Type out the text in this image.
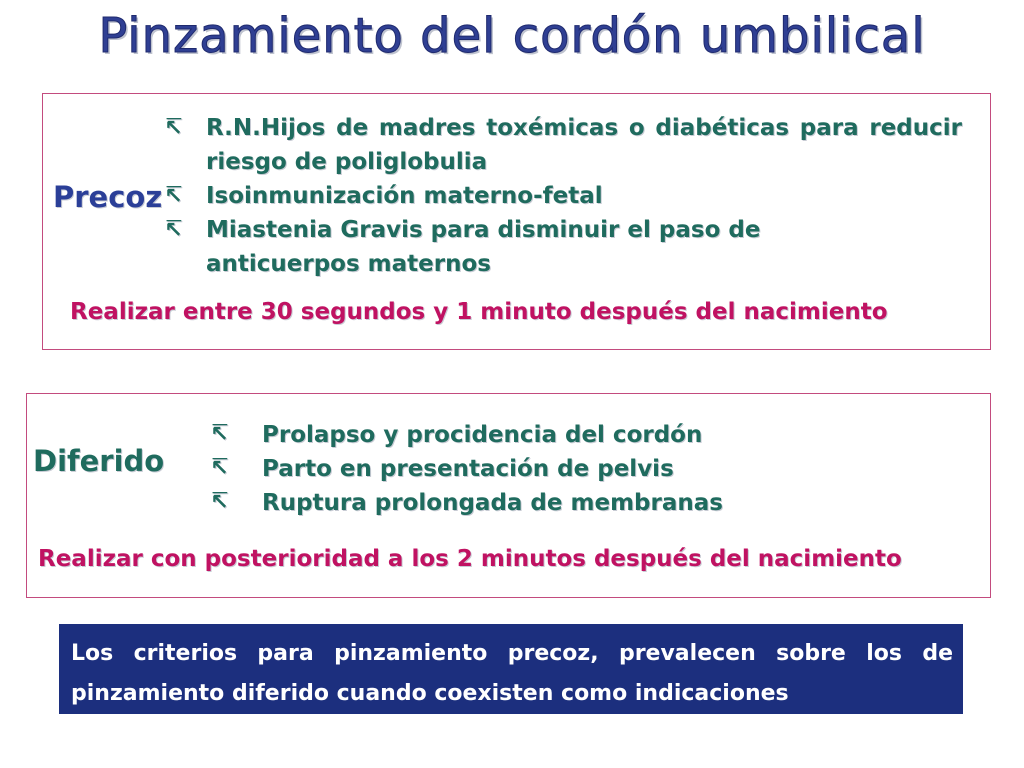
Pinzamiento del cordón umbilical
Precoz
↸ R.N.Hijos de madres toxémicas o diabéticas para reducir riesgo de poliglobulia
↸ Isoinmunización materno-fetal
↸ Miastenia Gravis para disminuir el paso de anticuerpos maternos
Realizar entre 30 segundos y 1 minuto después del nacimiento
Diferido
↸ Prolapso y procidencia del cordón
↸ Parto en presentación de pelvis
↸ Ruptura prolongada de membranas
Realizar con posterioridad a los 2 minutos después del nacimiento
Los criterios para pinzamiento precoz, prevalecen sobre los de pinzamiento diferido cuando coexisten como indicaciones
